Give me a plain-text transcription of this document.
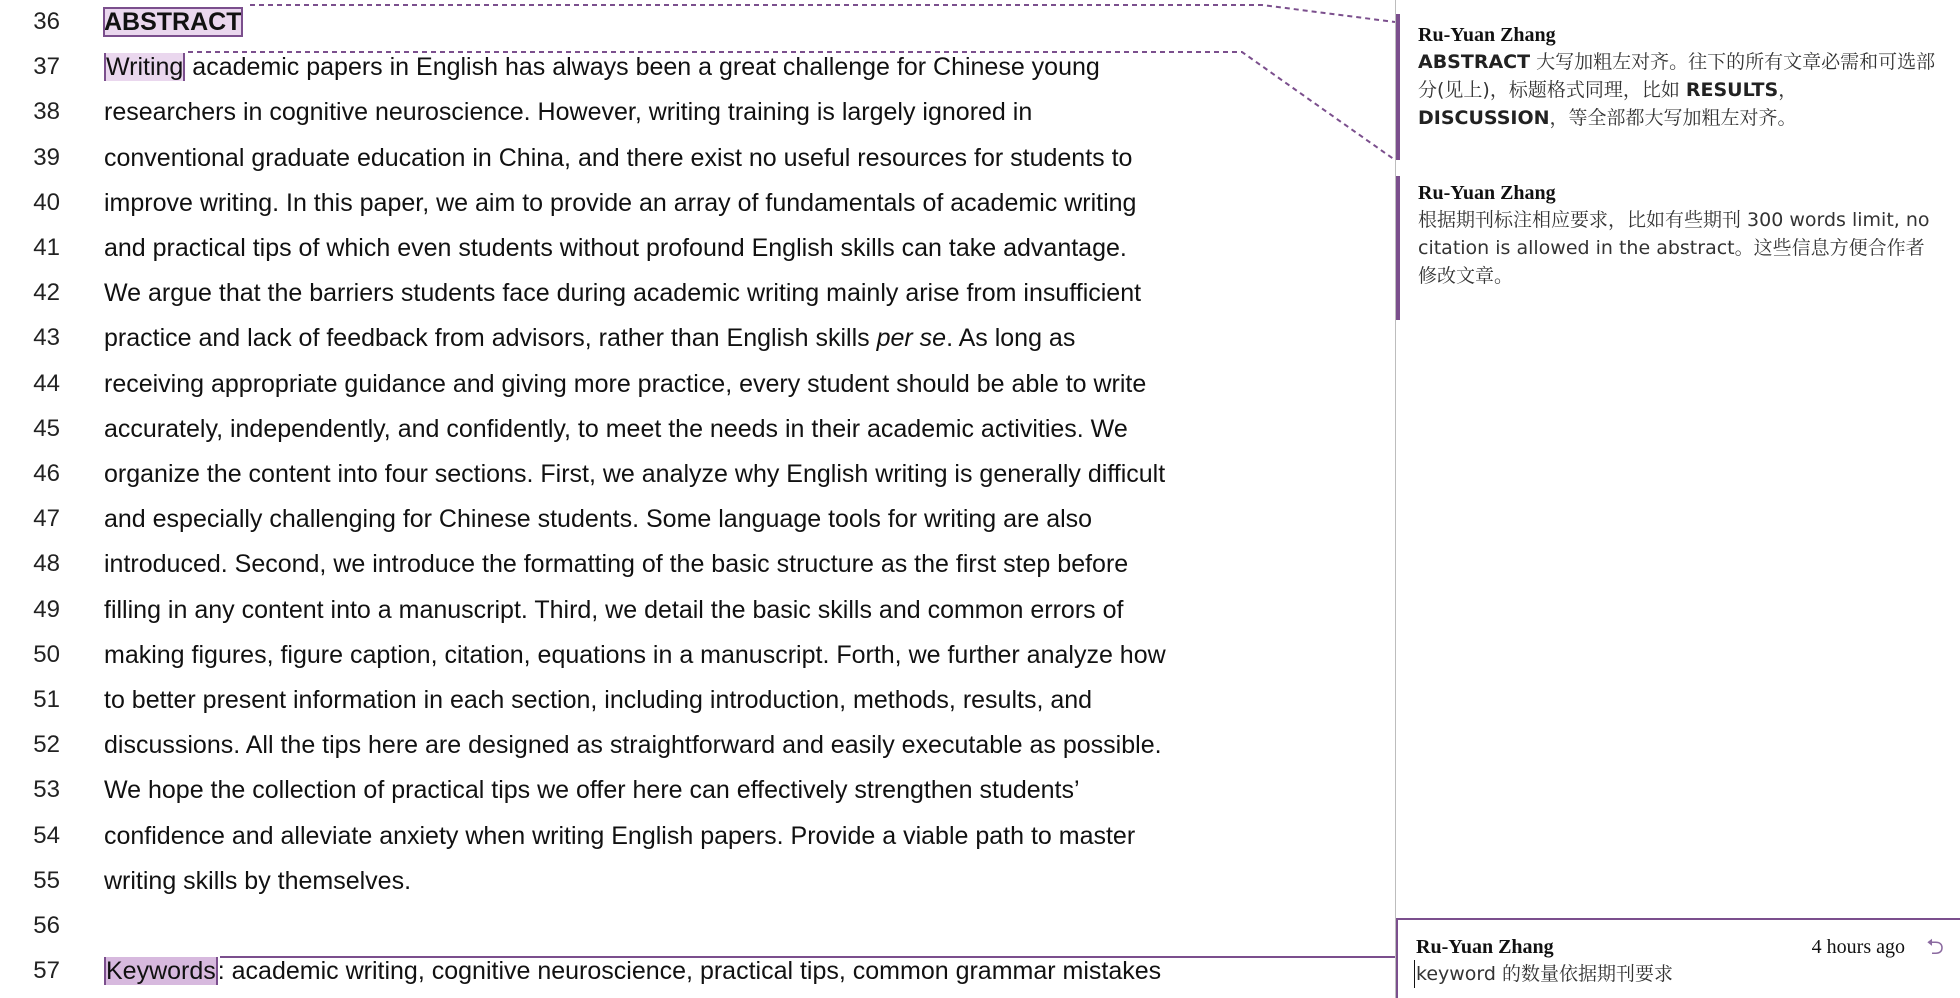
36 ABSTRACT
37 Writing academic papers in English has always been a great challenge for Chinese young
38 researchers in cognitive neuroscience. However, writing training is largely ignored in
39 conventional graduate education in China, and there exist no useful resources for students to
40 improve writing. In this paper, we aim to provide an array of fundamentals of academic writing
41 and practical tips of which even students without profound English skills can take advantage.
42 We argue that the barriers students face during academic writing mainly arise from insufficient
43 practice and lack of feedback from advisors, rather than English skills per se. As long as
44 receiving appropriate guidance and giving more practice, every student should be able to write
45 accurately, independently, and confidently, to meet the needs in their academic activities. We
46 organize the content into four sections. First, we analyze why English writing is generally difficult
47 and especially challenging for Chinese students. Some language tools for writing are also
48 introduced. Second, we introduce the formatting of the basic structure as the first step before
49 filling in any content into a manuscript. Third, we detail the basic skills and common errors of
50 making figures, figure caption, citation, equations in a manuscript. Forth, we further analyze how
51 to better present information in each section, including introduction, methods, results, and
52 discussions. All the tips here are designed as straightforward and easily executable as possible.
53 We hope the collection of practical tips we offer here can effectively strengthen students’
54 confidence and alleviate anxiety when writing English papers. Provide a viable path to master
55 writing skills by themselves.
56
57 Keywords: academic writing, cognitive neuroscience, practical tips, common grammar mistakes
Ru-Yuan Zhang
ABSTRACT 大写加粗左对齐。往下的所有文章必需和可选部分(见上)，标题格式同理，比如 RESULTS，DISCUSSION，等全部都大写加粗左对齐。
Ru-Yuan Zhang
根据期刊标注相应要求，比如有些期刊 300 words limit, no citation is allowed in the abstract。这些信息方便合作者修改文章。
Ru-Yuan Zhang	4 hours ago ⮌
keyword 的数量依据期刊要求
